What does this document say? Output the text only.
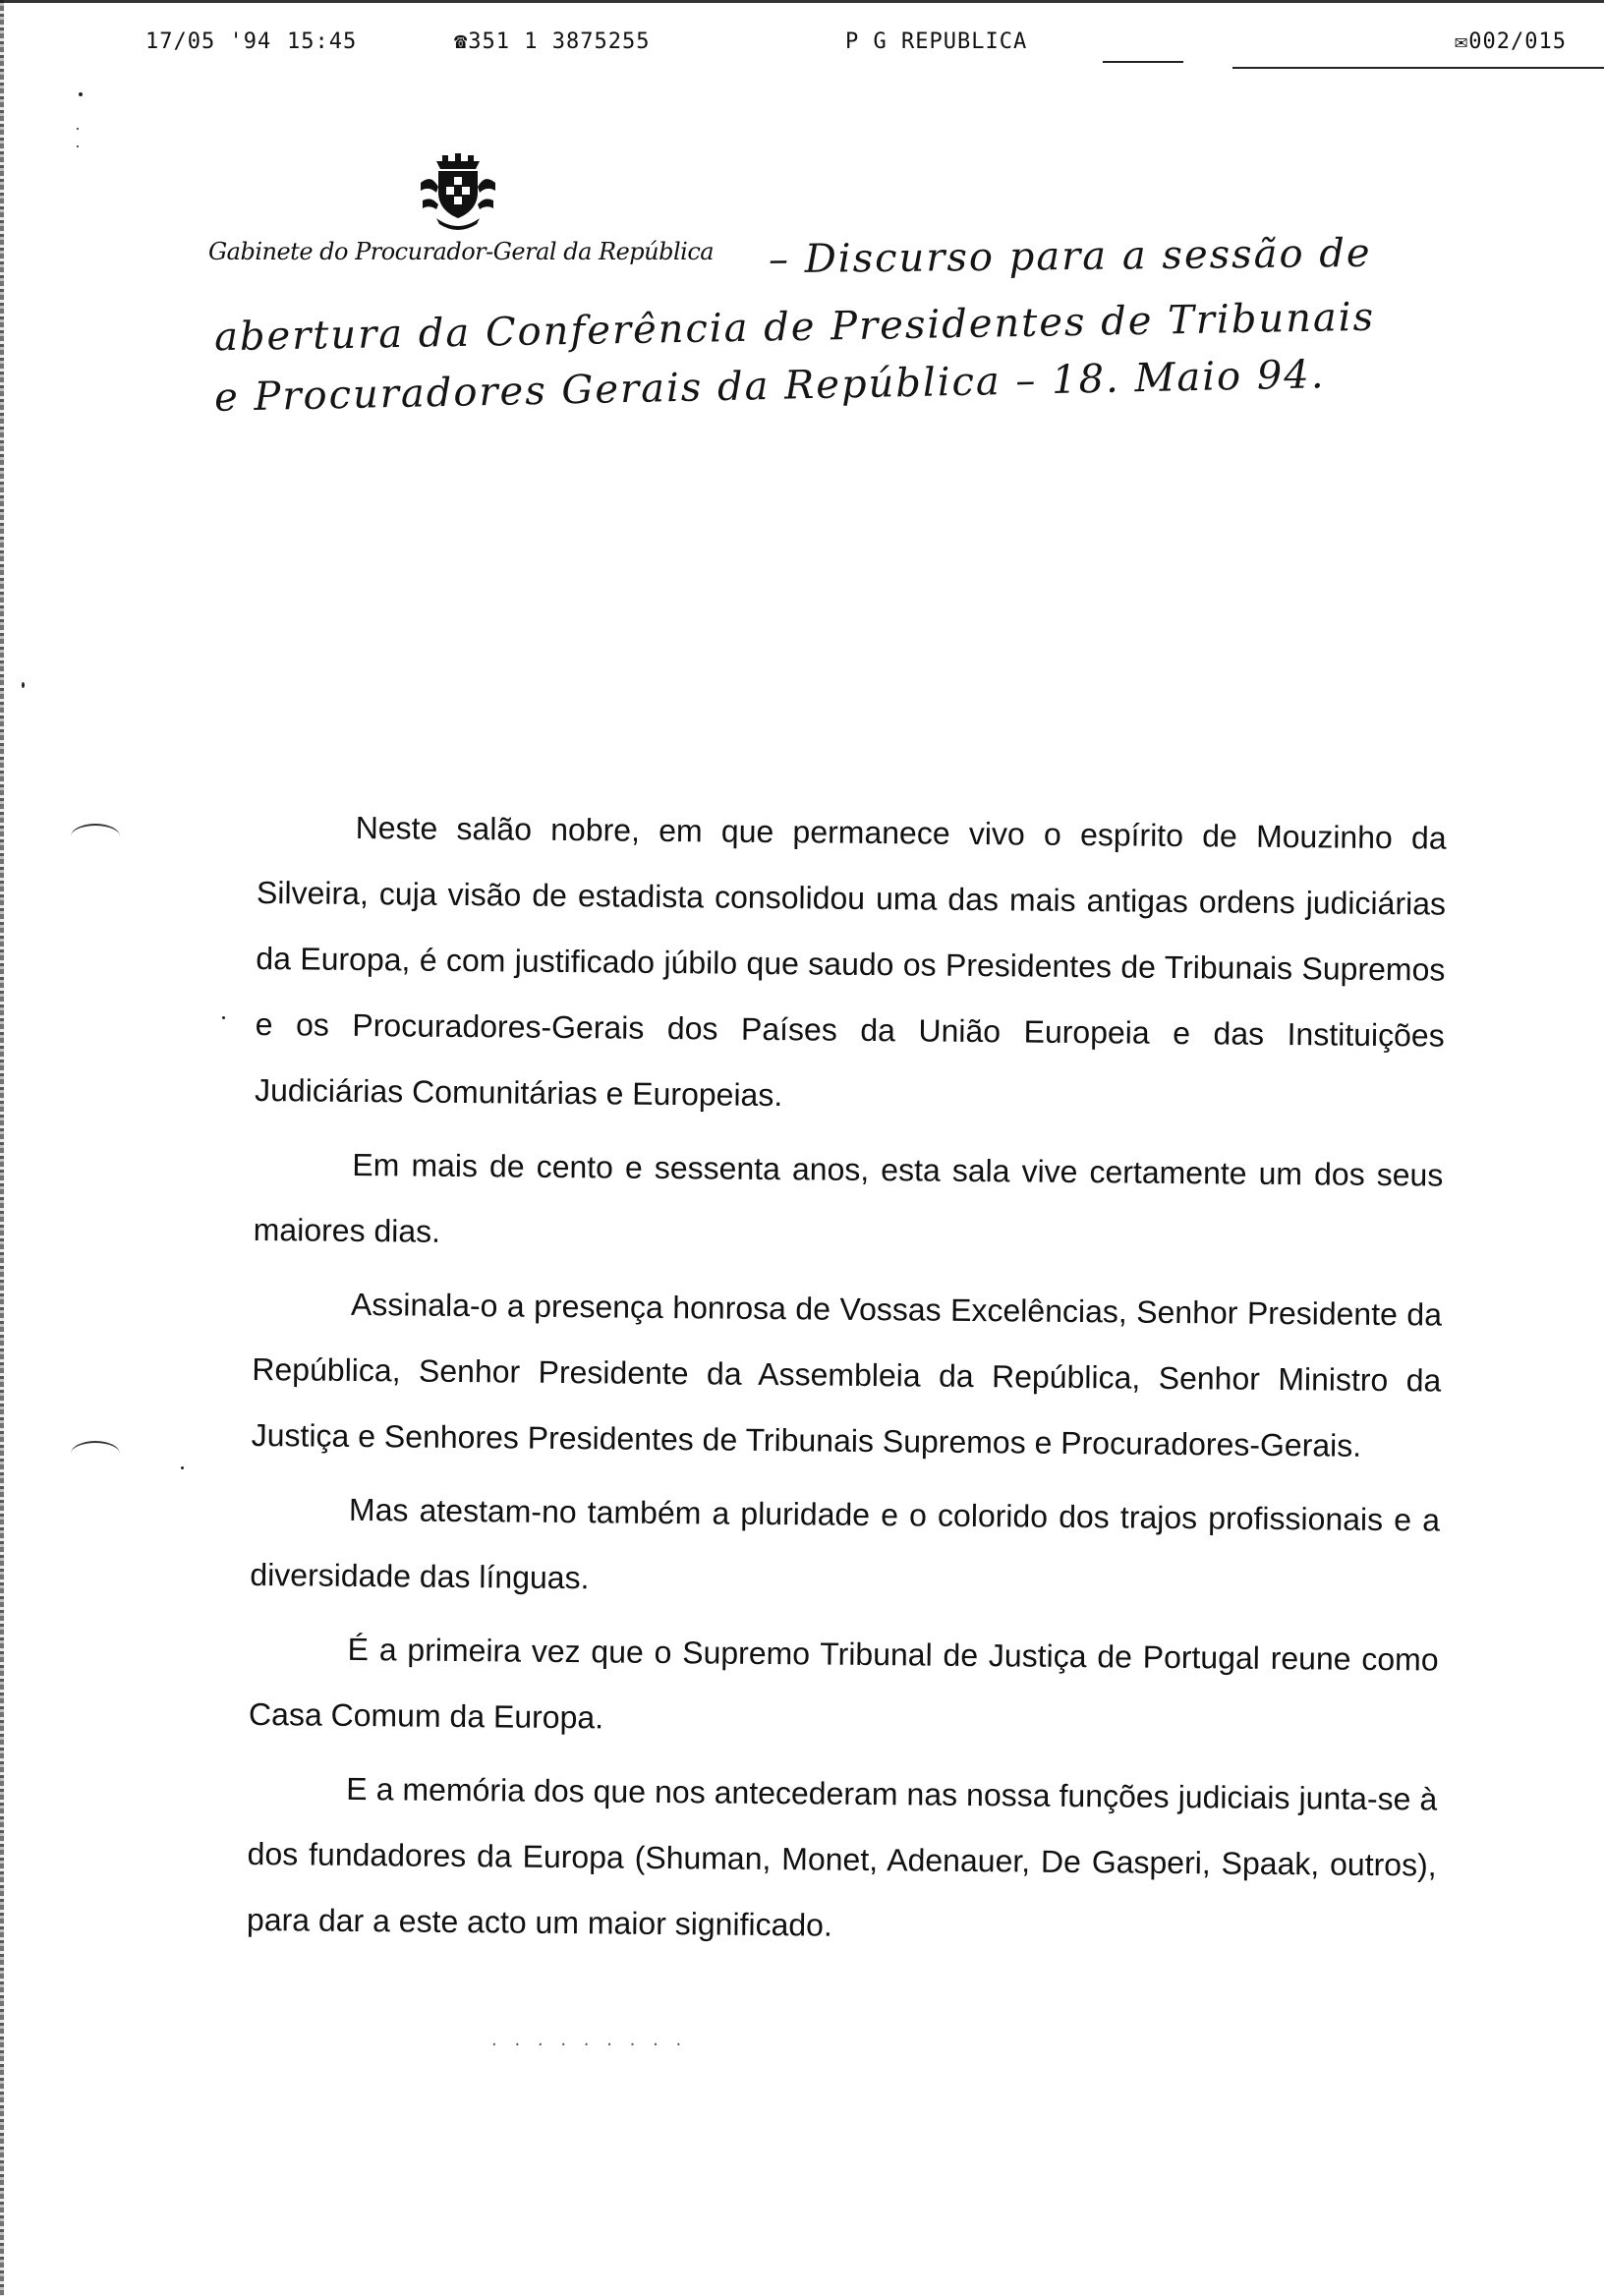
17/05 '94 15:45	☎351 1 3875255	P G REPUBLICA	✉002/015
Gabinete do Procurador-Geral da República – Discurso para a sessão de
abertura da Conferência de Presidentes de Tribunais
e Procuradores Gerais da República – 18. Maio 94.

Neste salão nobre, em que permanece vivo o espírito de Mouzinho da Silveira, cuja visão de estadista consolidou uma das mais antigas ordens judiciárias da Europa, é com justificado júbilo que saudo os Presidentes de Tribunais Supremos e os Procuradores-Gerais dos Países da União Europeia e das Instituições Judiciárias Comunitárias e Europeias.

Em mais de cento e sessenta anos, esta sala vive certamente um dos seus maiores dias.

Assinala-o a presença honrosa de Vossas Excelências, Senhor Presidente da República, Senhor Presidente da Assembleia da República, Senhor Ministro da Justiça e Senhores Presidentes de Tribunais Supremos e Procuradores-Gerais.

Mas atestam-no também a pluridade e o colorido dos trajos profissionais e a diversidade das línguas.

É a primeira vez que o Supremo Tribunal de Justiça de Portugal reune como Casa Comum da Europa.

E a memória dos que nos antecederam nas nossa funções judiciais junta-se à dos fundadores da Europa (Shuman, Monet, Adenauer, De Gasperi, Spaak, outros), para dar a este acto um maior significado.

· · · · · · · · ·
